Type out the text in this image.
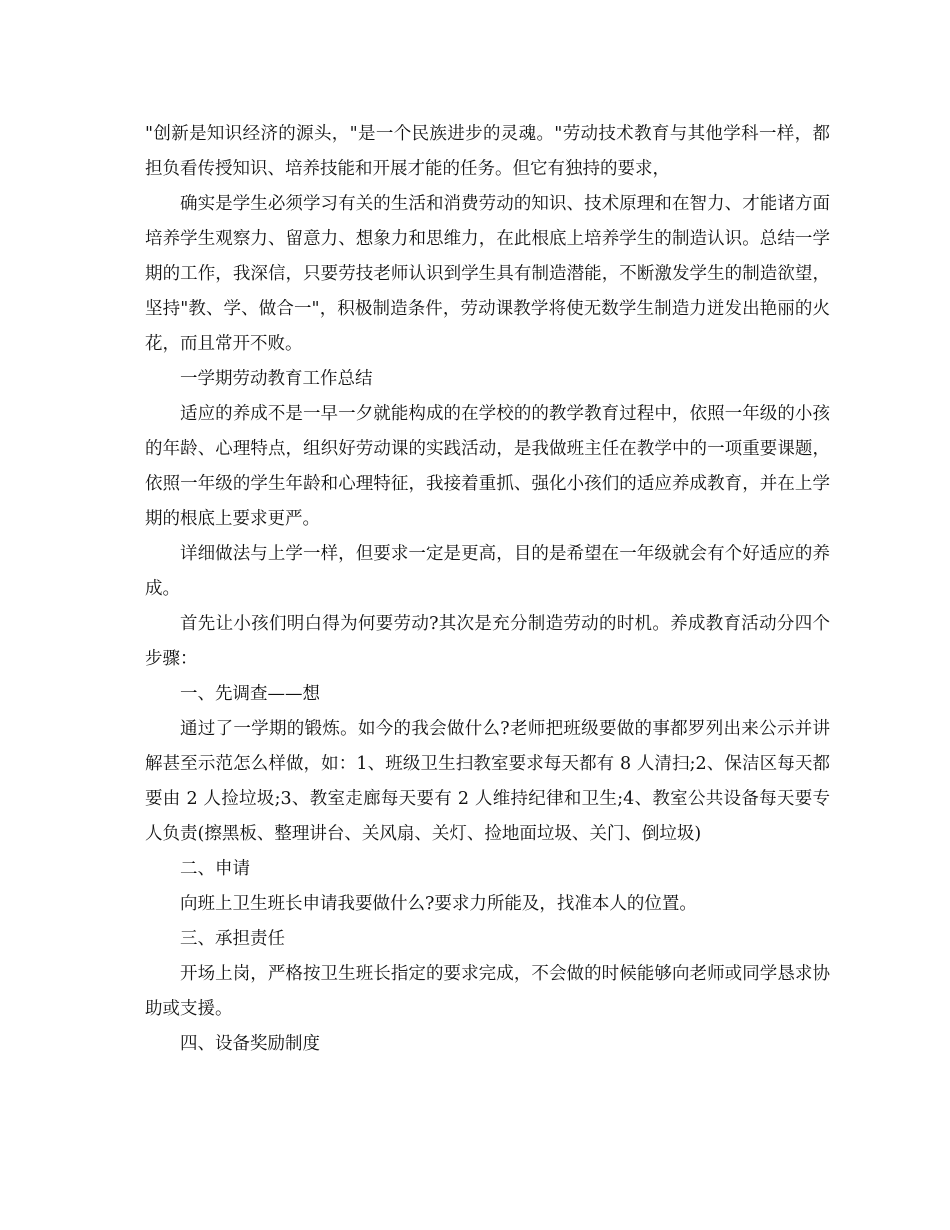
"创新是知识经济的源头，"是一个民族进步的灵魂。"劳动技术教育与其他学科一样，都担负看传授知识、培养技能和开展才能的任务。但它有独持的要求，

确实是学生必须学习有关的生活和消费劳动的知识、技术原理和在智力、才能诸方面培养学生观察力、留意力、想象力和思维力，在此根底上培养学生的制造认识。总结一学期的工作，我深信，只要劳技老师认识到学生具有制造潜能，不断激发学生的制造欲望，坚持"教、学、做合一"，积极制造条件，劳动课教学将使无数学生制造力迸发出艳丽的火花，而且常开不败。

一学期劳动教育工作总结

适应的养成不是一早一夕就能构成的在学校的的教学教育过程中，依照一年级的小孩的年龄、心理特点，组织好劳动课的实践活动，是我做班主任在教学中的一项重要课题，依照一年级的学生年龄和心理特征，我接着重抓、强化小孩们的适应养成教育，并在上学期的根底上要求更严。

详细做法与上学一样，但要求一定是更高，目的是希望在一年级就会有个好适应的养成。

首先让小孩们明白得为何要劳动?其次是充分制造劳动的时机。养成教育活动分四个步骤：

一、先调查——想

通过了一学期的锻炼。如今的我会做什么?老师把班级要做的事都罗列出来公示并讲解甚至示范怎么样做，如：1、班级卫生扫教室要求每天都有 8 人清扫;2、保洁区每天都要由 2 人捡垃圾;3、教室走廊每天要有 2 人维持纪律和卫生;4、教室公共设备每天要专人负责(擦黑板、整理讲台、关风扇、关灯、捡地面垃圾、关门、倒垃圾)

二、申请

向班上卫生班长申请我要做什么?要求力所能及，找准本人的位置。

三、承担责任

开场上岗，严格按卫生班长指定的要求完成，不会做的时候能够向老师或同学恳求协助或支援。

四、设备奖励制度
